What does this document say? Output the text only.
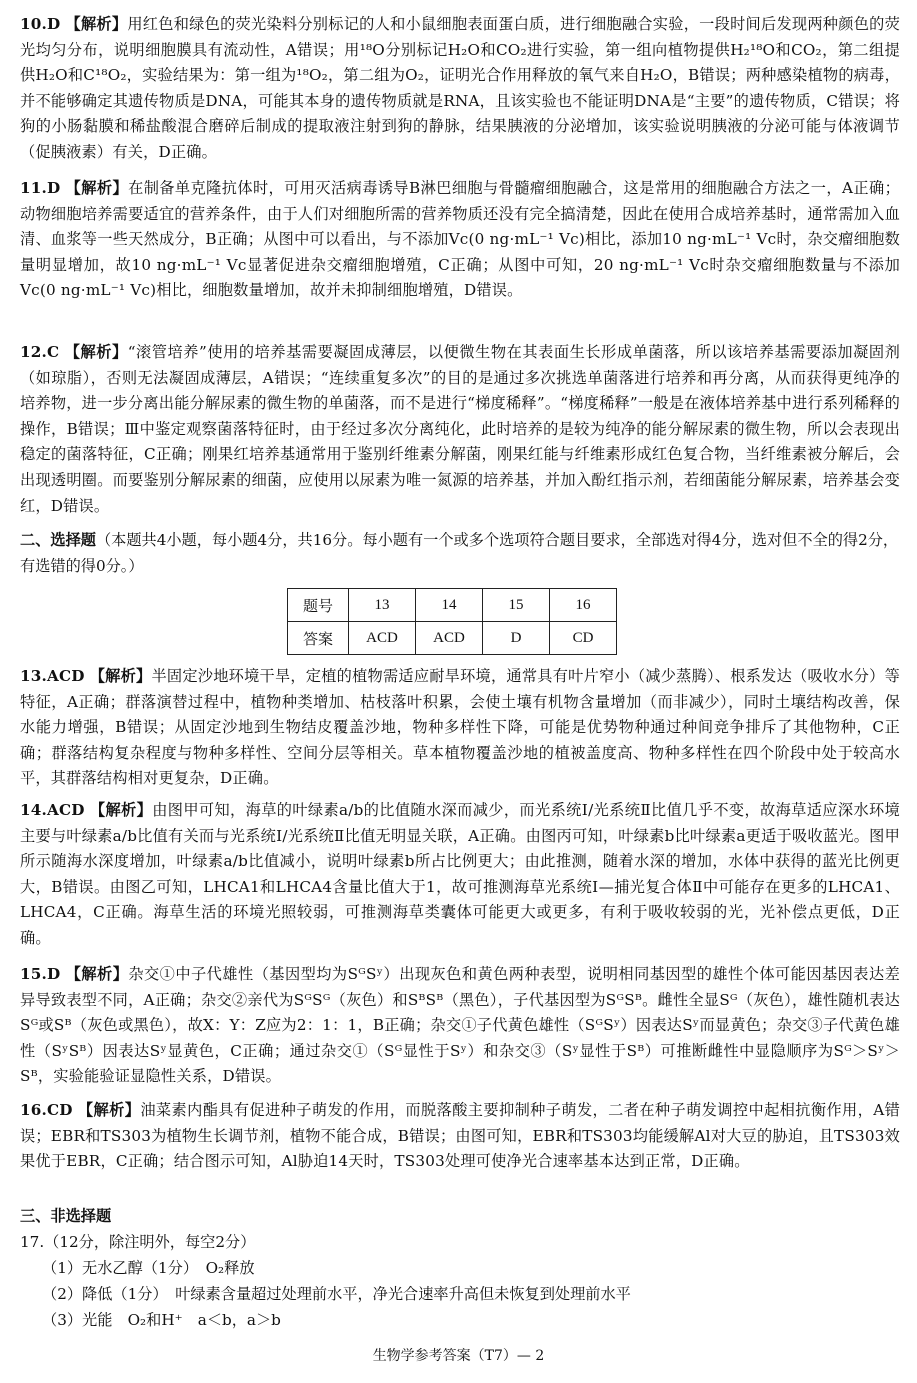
10.D 【解析】用红色和绿色的荧光染料分别标记的人和小鼠细胞表面蛋白质，进行细胞融合实验，一段时间后发现两种颜色的荧光均匀分布，说明细胞膜具有流动性，A错误；用¹⁸O分别标记H₂O和CO₂进行实验，第一组向植物提供H₂¹⁸O和CO₂，第二组提供H₂O和C¹⁸O₂，实验结果为：第一组为¹⁸O₂，第二组为O₂，证明光合作用释放的氧气来自H₂O，B错误；两种感染植物的病毒，并不能够确定其遗传物质是DNA，可能其本身的遗传物质就是RNA，且该实验也不能证明DNA是“主要”的遗传物质，C错误；将狗的小肠黏膜和稀盐酸混合磨碎后制成的提取液注射到狗的静脉，结果胰液的分泌增加，该实验说明胰液的分泌可能与体液调节（促胰液素）有关，D正确。
11.D 【解析】在制备单克隆抗体时，可用灭活病毒诱导B淋巴细胞与骨髓瘤细胞融合，这是常用的细胞融合方法之一，A正确；动物细胞培养需要适宜的营养条件，由于人们对细胞所需的营养物质还没有完全搞清楚，因此在使用合成培养基时，通常需加入血清、血浆等一些天然成分，B正确；从图中可以看出，与不添加Vc(0 ng·mL⁻¹ Vc)相比，添加10 ng·mL⁻¹ Vc时，杂交瘤细胞数量明显增加，故10 ng·mL⁻¹ Vc显著促进杂交瘤细胞增殖，C正确；从图中可知，20 ng·mL⁻¹ Vc时杂交瘤细胞数量与不添加Vc(0 ng·mL⁻¹ Vc)相比，细胞数量增加，故并未抑制细胞增殖，D错误。
12.C 【解析】“滚管培养”使用的培养基需要凝固成薄层，以便微生物在其表面生长形成单菌落，所以该培养基需要添加凝固剂（如琼脂），否则无法凝固成薄层，A错误；“连续重复多次”的目的是通过多次挑选单菌落进行培养和再分离，从而获得更纯净的培养物，进一步分离出能分解尿素的微生物的单菌落，而不是进行“梯度稀释”。“梯度稀释”一般是在液体培养基中进行系列稀释的操作，B错误；Ⅲ中鉴定观察菌落特征时，由于经过多次分离纯化，此时培养的是较为纯净的能分解尿素的微生物，所以会表现出稳定的菌落特征，C正确；刚果红培养基通常用于鉴别纤维素分解菌，刚果红能与纤维素形成红色复合物，当纤维素被分解后，会出现透明圈。而要鉴别分解尿素的细菌，应使用以尿素为唯一氮源的培养基，并加入酚红指示剂，若细菌能分解尿素，培养基会变红，D错误。
二、选择题（本题共4小题，每小题4分，共16分。每小题有一个或多个选项符合题目要求，全部选对得4分，选对但不全的得2分，有选错的得0分。）
题号	13	14	15	16
答案	ACD	ACD	D	CD
13.ACD 【解析】半固定沙地环境干旱，定植的植物需适应耐旱环境，通常具有叶片窄小（减少蒸腾）、根系发达（吸收水分）等特征，A正确；群落演替过程中，植物种类增加、枯枝落叶积累，会使土壤有机物含量增加（而非减少），同时土壤结构改善，保水能力增强，B错误；从固定沙地到生物结皮覆盖沙地，物种多样性下降，可能是优势物种通过种间竞争排斥了其他物种，C正确；群落结构复杂程度与物种多样性、空间分层等相关。草本植物覆盖沙地的植被盖度高、物种多样性在四个阶段中处于较高水平，其群落结构相对更复杂，D正确。
14.ACD 【解析】由图甲可知，海草的叶绿素a/b的比值随水深而减少，而光系统Ⅰ/光系统Ⅱ比值几乎不变，故海草适应深水环境主要与叶绿素a/b比值有关而与光系统Ⅰ/光系统Ⅱ比值无明显关联，A正确。由图丙可知，叶绿素b比叶绿素a更适于吸收蓝光。图甲所示随海水深度增加，叶绿素a/b比值减小，说明叶绿素b所占比例更大；由此推测，随着水深的增加，水体中获得的蓝光比例更大，B错误。由图乙可知，LHCA1和LHCA4含量比值大于1，故可推测海草光系统Ⅰ—捕光复合体Ⅱ中可能存在更多的LHCA1、LHCA4，C正确。海草生活的环境光照较弱，可推测海草类囊体可能更大或更多，有利于吸收较弱的光，光补偿点更低，D正确。
15.D 【解析】杂交①中子代雄性（基因型均为SᴳSʸ）出现灰色和黄色两种表型，说明相同基因型的雄性个体可能因基因表达差异导致表型不同，A正确；杂交②亲代为SᴳSᴳ（灰色）和SᴮSᴮ（黑色），子代基因型为SᴳSᴮ。雌性全显Sᴳ（灰色），雄性随机表达Sᴳ或Sᴮ（灰色或黑色），故X：Y：Z应为2：1：1，B正确；杂交①子代黄色雄性（SᴳSʸ）因表达Sʸ而显黄色；杂交③子代黄色雄性（SʸSᴮ）因表达Sʸ显黄色，C正确；通过杂交①（Sᴳ显性于Sʸ）和杂交③（Sʸ显性于Sᴮ）可推断雌性中显隐顺序为Sᴳ＞Sʸ＞Sᴮ，实验能验证显隐性关系，D错误。
16.CD 【解析】油菜素内酯具有促进种子萌发的作用，而脱落酸主要抑制种子萌发，二者在种子萌发调控中起相抗衡作用，A错误；EBR和TS303为植物生长调节剂，植物不能合成，B错误；由图可知，EBR和TS303均能缓解Al对大豆的胁迫，且TS303效果优于EBR，C正确；结合图示可知，Al胁迫14天时，TS303处理可使净光合速率基本达到正常，D正确。
三、非选择题
17.（12分，除注明外，每空2分）
（1）无水乙醇（1分）　O₂释放
（2）降低（1分）　叶绿素含量超过处理前水平，净光合速率升高但未恢复到处理前水平
（3）光能　O₂和H⁺　a＜b，a＞b
生物学参考答案（T7）— 2
